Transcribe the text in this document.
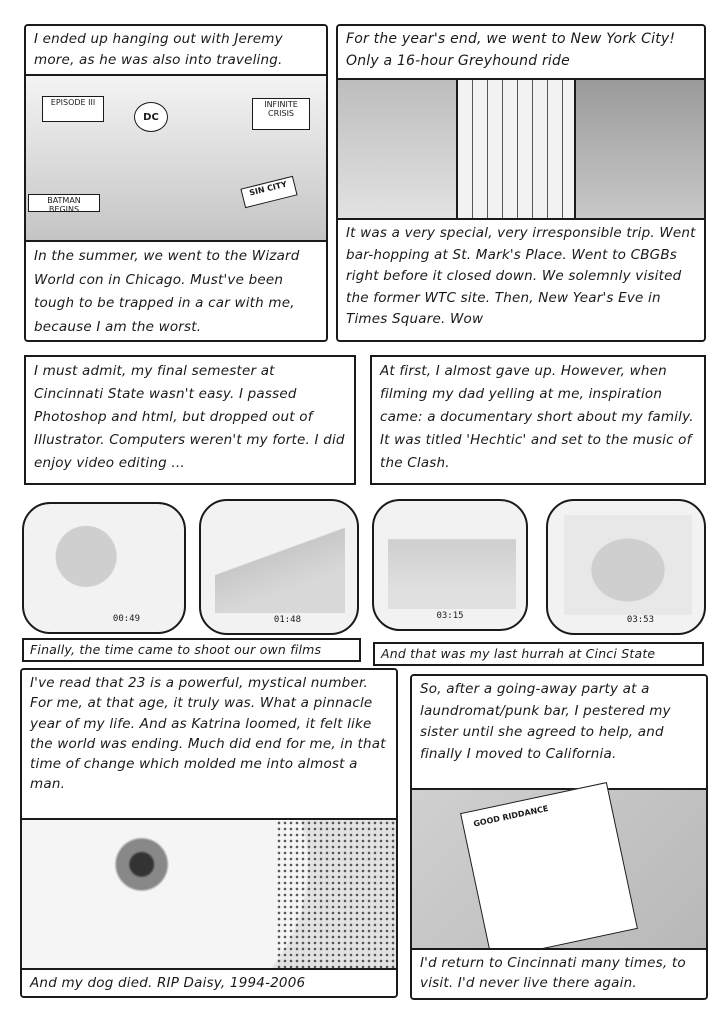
EPISODE III
DC
INFINITE CRISIS
BATMAN BEGINS
SIN CITY
I ended up hanging out with Jeremy more, as he was also into traveling.
In the summer, we went to the Wizard World con in Chicago. Must've been tough to be trapped in a car with me, because I am the worst.
For the year's end, we went to New York City! Only a 16-hour Greyhound ride
It was a very special, very irresponsible trip. Went bar-hopping at St. Mark's Place. Went to CBGBs right before it closed down. We solemnly visited the former WTC site. Then, New Year's Eve in Times Square. Wow
I must admit, my final semester at Cincinnati State wasn't easy. I passed Photoshop and html, but dropped out of Illustrator. Computers weren't my forte. I did enjoy video editing ...
At first, I almost gave up. However, when filming my dad yelling at me, inspiration came: a documentary short about my family. It was titled 'Hechtic' and set to the music of the Clash.
00:49	01:48	03:15	03:53
Finally, the time came to shoot our own films	And that was my last hurrah at Cinci State
I've read that 23 is a powerful, mystical number. For me, at that age, it truly was. What a pinnacle year of my life. And as Katrina loomed, it felt like the world was ending. Much did end for me, in that time of change which molded me into almost a man.
And my dog died. RIP Daisy, 1994-2006
So, after a going-away party at a laundromat/punk bar, I pestered my sister until she agreed to help, and finally I moved to California.
GOOD RIDDANCE
I'd return to Cincinnati many times, to visit. I'd never live there again.
